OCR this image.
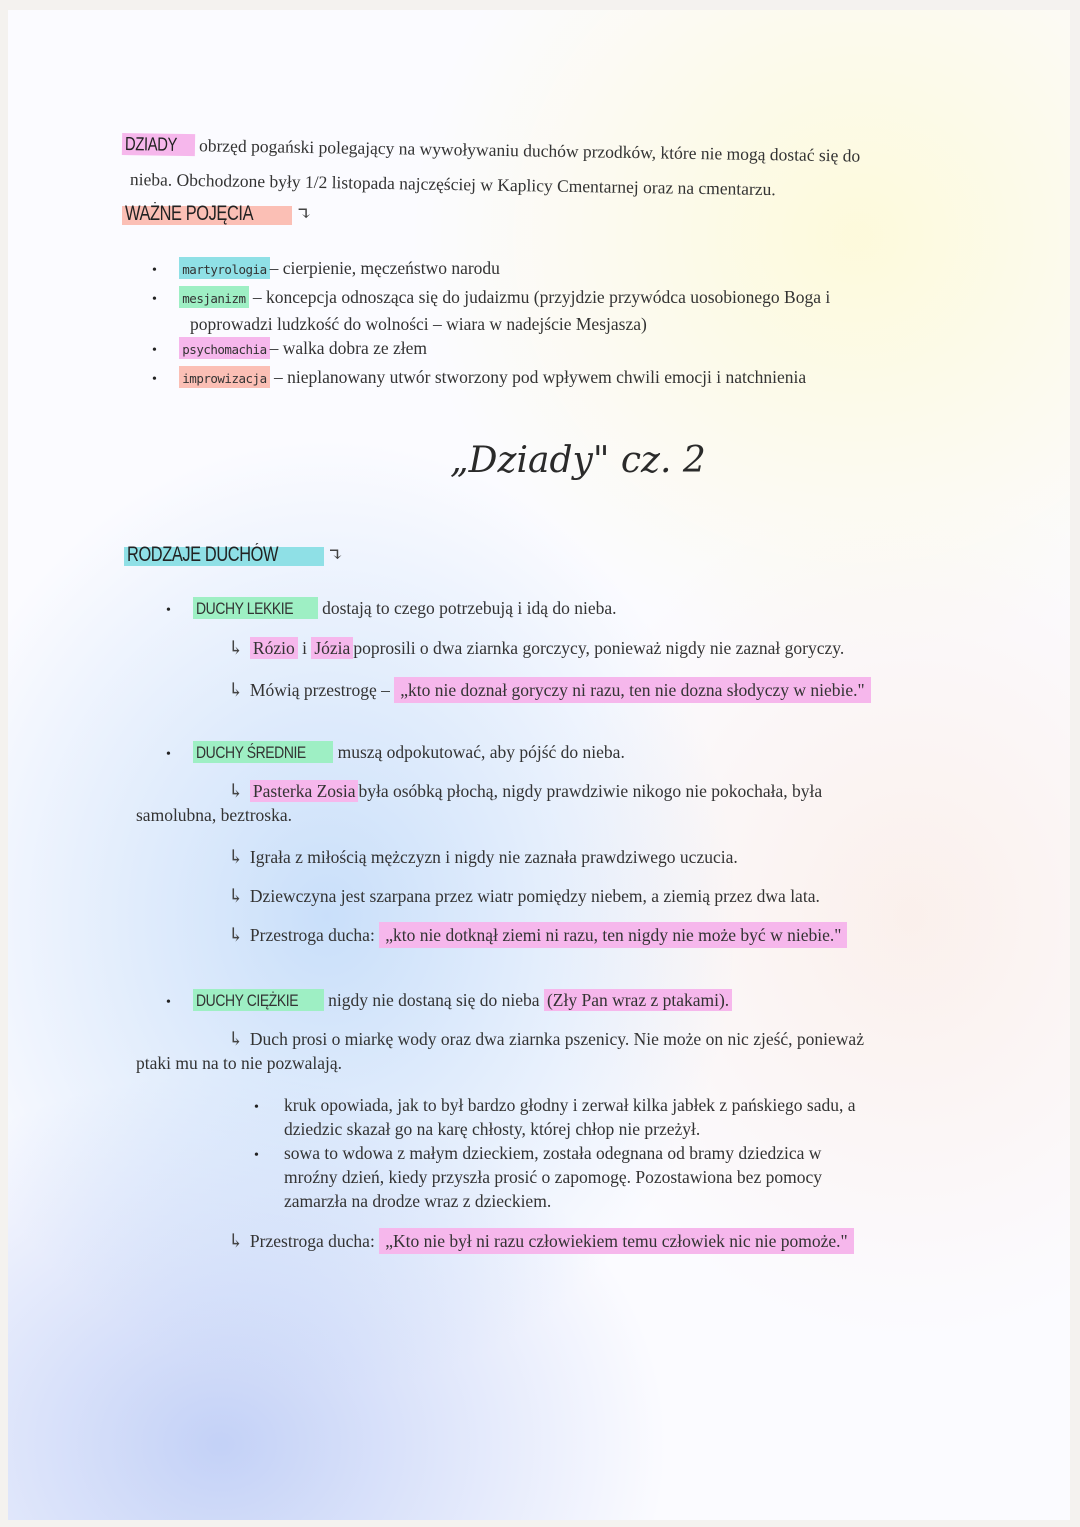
DZIADY obrzęd pogański polegający na wywoływaniu duchów przodków, które nie mogą dostać się do
nieba. Obchodzone były 1/2 listopada najczęściej w Kaplicy Cmentarnej oraz na cmentarzu.
WAŻNE POJĘCIA ↴
• martyrologia – cierpienie, męczeństwo narodu
• mesjanizm – koncepcja odnosząca się do judaizmu (przyjdzie przywódca uosobionego Boga i
poprowadzi ludzkość do wolności – wiara w nadejście Mesjasza)
• psychomachia – walka dobra ze złem
• improwizacja – nieplanowany utwór stworzony pod wpływem chwili emocji i natchnienia
„Dziady" cz. 2
RODZAJE DUCHÓW	↴
• DUCHY LEKKIE dostają to czego potrzebują i idą do nieba.
↳ Rózio i Józia poprosili o dwa ziarnka gorczycy, ponieważ nigdy nie zaznał goryczy.
↳ Mówią przestrogę – „kto nie doznał goryczy ni razu, ten nie dozna słodyczy w niebie."
• DUCHY ŚREDNIE muszą odpokutować, aby pójść do nieba.
↳ Pasterka Zosia była osóbką płochą, nigdy prawdziwie nikogo nie pokochała, była
samolubna, beztroska.
↳ Igrała z miłością mężczyzn i nigdy nie zaznała prawdziwego uczucia.
↳ Dziewczyna jest szarpana przez wiatr pomiędzy niebem, a ziemią przez dwa lata.
↳ Przestroga ducha: „kto nie dotknął ziemi ni razu, ten nigdy nie może być w niebie."
• DUCHY CIĘŻKIE nigdy nie dostaną się do nieba (Zły Pan wraz z ptakami).
↳ Duch prosi o miarkę wody oraz dwa ziarnka pszenicy. Nie może on nic zjeść, ponieważ
ptaki mu na to nie pozwalają.
• kruk opowiada, jak to był bardzo głodny i zerwał kilka jabłek z pańskiego sadu, a
dziedzic skazał go na karę chłosty, której chłop nie przeżył.
• sowa to wdowa z małym dzieckiem, została odegnana od bramy dziedzica w
mroźny dzień, kiedy przyszła prosić o zapomogę. Pozostawiona bez pomocy
zamarzła na drodze wraz z dzieckiem.
↳ Przestroga ducha: „Kto nie był ni razu człowiekiem temu człowiek nic nie pomoże."
